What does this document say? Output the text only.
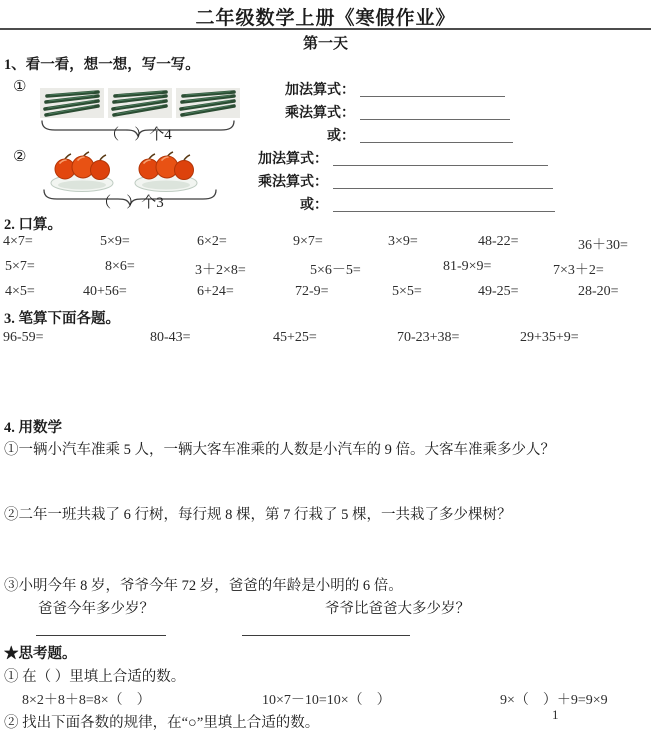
二年级数学上册《寒假作业》
第一天
1、看一看，想一想，写一写。
①
（　）个4
加法算式：
乘法算式：
或：
②
（　）个3
加法算式：
乘法算式：
或：
2. 口算。
4×7=	5×9=	6×2=	9×7=	3×9=	48-22=	36＋30=
5×7=	8×6=	3＋2×8=	5×6－5=	81-9×9=	7×3＋2=
4×5=	40+56=	6+24=	72-9=	5×5=	49-25=	28-20=
3. 笔算下面各题。
96-59=	80-43=	45+25=	70-23+38=	29+35+9=
4. 用数学
①一辆小汽车准乘 5 人，一辆大客车准乘的人数是小汽车的 9 倍。大客车准乘多少人？
②二年一班共栽了 6 行树，每行规 8 棵，第 7 行栽了 5 棵，一共栽了多少棵树？
③小明今年 8 岁，爷爷今年 72 岁，爸爸的年龄是小明的 6 倍。
爸爸今年多少岁？	爷爷比爸爸大多少岁？
★思考题。
① 在（ ）里填上合适的数。
8×2＋8＋8=8×（　）	10×7－10=10×（　）	9×（　）＋9=9×9
② 找出下面各数的规律，在“○”里填上合适的数。
1
